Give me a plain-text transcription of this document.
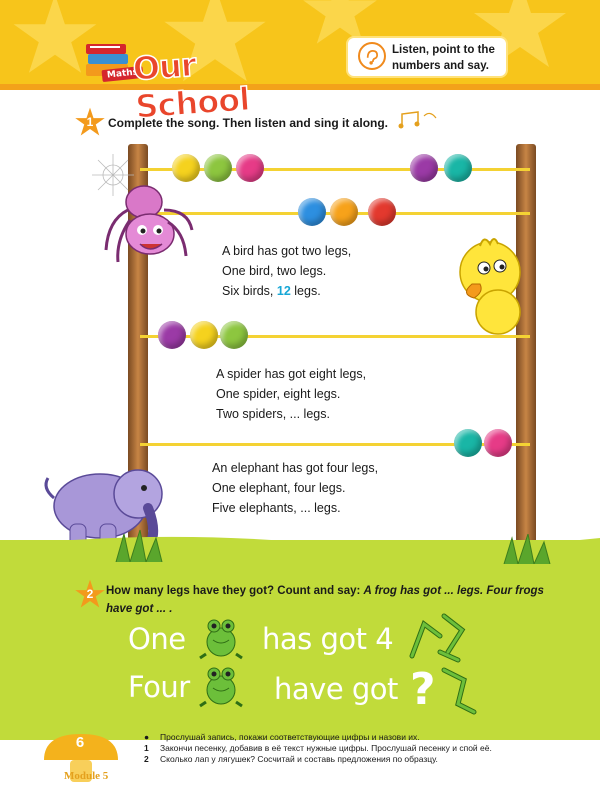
Maths
Our School
Listen, point to the numbers and say.
1	Complete the song. Then listen and sing it along.
A bird has got two legs,
One bird, two legs.
Six birds, 12 legs.
A spider has got eight legs,
One spider, eight legs.
Two spiders, ... legs.
An elephant has got four legs,
One elephant, four legs.
Five elephants, ... legs.
2	How many legs have they got? Count and say: A frog has got ... legs. Four frogs have got ... .
One	has got 4
Four	have got ?
6
Module 5
●	Прослушай запись, покажи соответствующие цифры и назови их.
1	Закончи песенку, добавив в её текст нужные цифры. Прослушай песенку и спой её.
2	Сколько лап у лягушек? Сосчитай и составь предложения по образцу.
